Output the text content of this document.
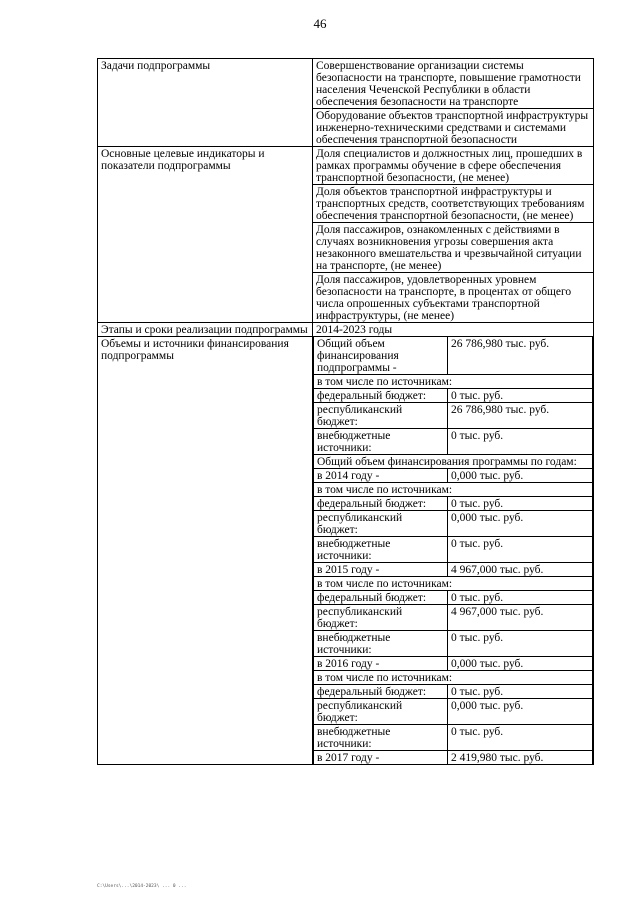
46
Задачи подпрограммы	Совершенствование организации системы безопасности на транспорте, повышение грамотности населения Чеченской Республики в области обеспечения безопасности на транспорте
Оборудование объектов транспортной инфраструктуры инженерно-техническими средствами и системами обеспечения транспортной безопасности
Основные целевые индикаторы и показатели подпрограммы	Доля специалистов и должностных лиц, прошедших в рамках программы обучение в сфере обеспечения транспортной безопасности, (не менее)
Доля объектов транспортной инфраструктуры и транспортных средств, соответствующих требованиям обеспечения транспортной безопасности, (не менее)
Доля пассажиров, ознакомленных с действиями в случаях возникновения угрозы совершения акта незаконного вмешательства и чрезвычайной ситуации на транспорте, (не менее)
Доля пассажиров, удовлетворенных уровнем безопасности на транспорте, в процентах от общего числа опрошенных субъектами транспортной инфраструктуры, (не менее)
Этапы и сроки реализации подпрограммы	2014-2023 годы
Объемы и источники финансирования подпрограммы	
Общий объем финансирования подпрограммы -	26 786,980 тыс. руб.
в том числе по источникам:
федеральный бюджет:	0 тыс. руб.
республиканский бюджет:	26 786,980 тыс. руб.
внебюджетные источники:	0 тыс. руб.
Общий объем финансирования программы по годам:
в 2014 году -	0,000 тыс. руб.
в том числе по источникам:
федеральный бюджет:	0 тыс. руб.
республиканский бюджет:	0,000 тыс. руб.
внебюджетные источники:	0 тыс. руб.
в 2015 году -	4 967,000 тыс. руб.
в том числе по источникам:
федеральный бюджет:	0 тыс. руб.
республиканский бюджет:	4 967,000 тыс. руб.
внебюджетные источники:	0 тыс. руб.
в 2016 году -	0,000 тыс. руб.
в том числе по источникам:
федеральный бюджет:	0 тыс. руб.
республиканский бюджет:	0,000 тыс. руб.
внебюджетные источники:	0 тыс. руб.
в 2017 году -	2 419,980 тыс. руб.
C:\Users\...\2014-2023\ ... 0 ...
